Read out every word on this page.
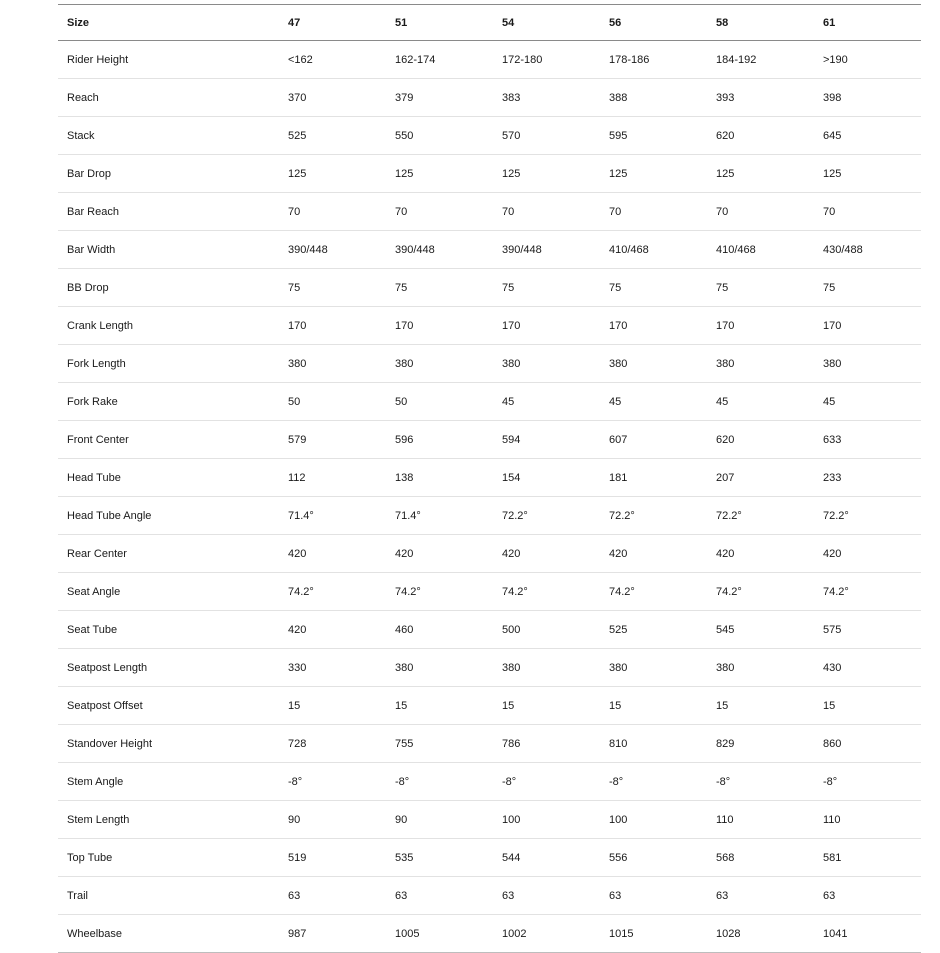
Size	47	51	54	56	58	61
Rider Height	<162	162-174	172-180	178-186	184-192	>190
Reach	370	379	383	388	393	398
Stack	525	550	570	595	620	645
Bar Drop	125	125	125	125	125	125
Bar Reach	70	70	70	70	70	70
Bar Width	390/448	390/448	390/448	410/468	410/468	430/488
BB Drop	75	75	75	75	75	75
Crank Length	170	170	170	170	170	170
Fork Length	380	380	380	380	380	380
Fork Rake	50	50	45	45	45	45
Front Center	579	596	594	607	620	633
Head Tube	112	138	154	181	207	233
Head Tube Angle	71.4°	71.4°	72.2°	72.2°	72.2°	72.2°
Rear Center	420	420	420	420	420	420
Seat Angle	74.2°	74.2°	74.2°	74.2°	74.2°	74.2°
Seat Tube	420	460	500	525	545	575
Seatpost Length	330	380	380	380	380	430
Seatpost Offset	15	15	15	15	15	15
Standover Height	728	755	786	810	829	860
Stem Angle	-8°	-8°	-8°	-8°	-8°	-8°
Stem Length	90	90	100	100	110	110
Top Tube	519	535	544	556	568	581
Trail	63	63	63	63	63	63
Wheelbase	987	1005	1002	1015	1028	1041
